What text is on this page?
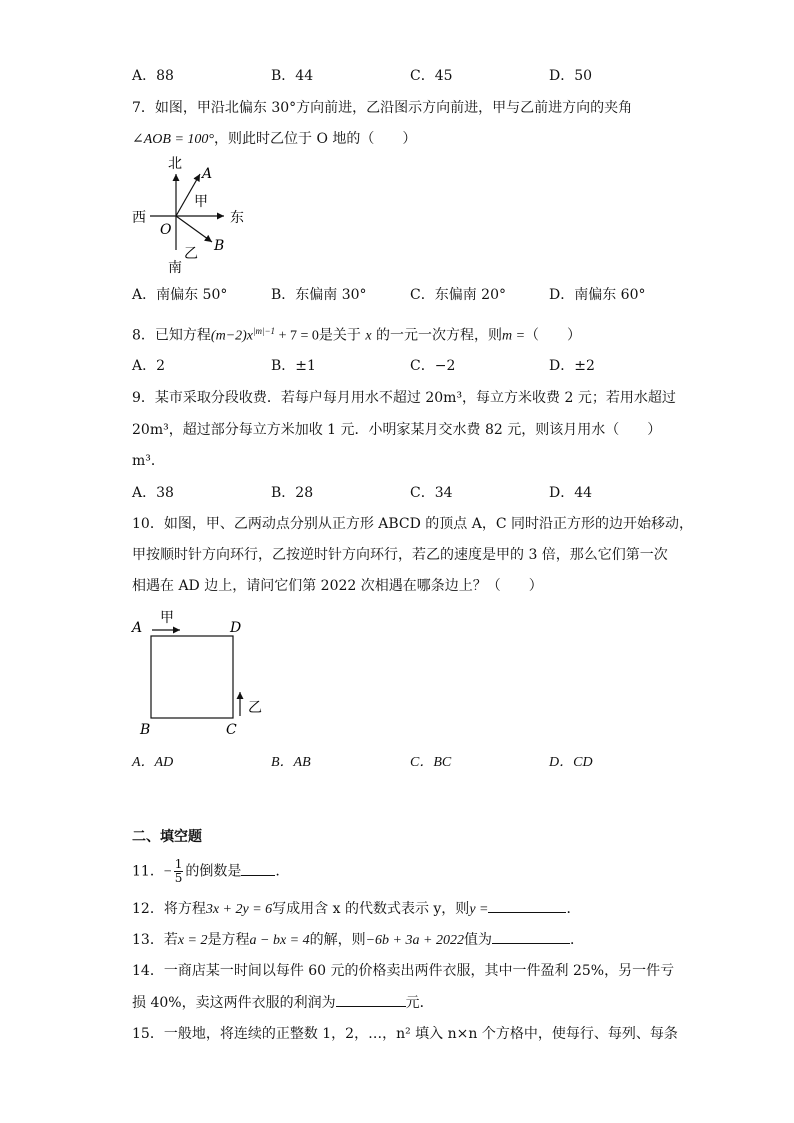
A．88	B．44	C．45	D．50
7．如图，甲沿北偏东 30°方向前进，乙沿图示方向前进，甲与乙前进方向的夹角
∠AOB = 100°，则此时乙位于 O 地的（　　）
北
南
西	东
A
B
O
甲
乙
A．南偏东 50°	B．东偏南 30°	C．东偏南 20°	D．南偏东 60°
8．已知方程$(m-2)x^{|m|-1} + 7 = 0$是关于 x 的一元一次方程，则m =（　　）
A．2	B．±1	C．−2	D．±2
9．某市采取分段收费．若每户每月用水不超过 20m³，每立方米收费 2 元；若用水超过
20m³，超过部分每立方米加收 1 元．小明家某月交水费 82 元，则该月用水（　　）
m³．
A．38	B．28	C．34	D．44
10．如图，甲、乙两动点分别从正方形 ABCD 的顶点 A，C 同时沿正方形的边开始移动，
甲按顺时针方向环行，乙按逆时针方向环行，若乙的速度是甲的 3 倍，那么它们第一次
相遇在 AD 边上，请问它们第 2022 次相遇在哪条边上？（　　）
甲
乙
A	D
B	C
A．AD	B．AB	C．BC	D．CD
二、填空题
11．− $\frac{1}{5}$ 的倒数是 .
12．将方程3x + 2y = 6写成用含 x 的代数式表示 y，则y =	．
13．若x = 2是方程a − bx = 4的解，则−6b + 3a + 2022值为	．
14．一商店某一时间以每件 60 元的价格卖出两件衣服，其中一件盈利 25%，另一件亏
损 40%，卖这两件衣服的利润为	元．
15．一般地，将连续的正整数 1，2，…，n² 填入 n×n 个方格中，使每行、每列、每条
